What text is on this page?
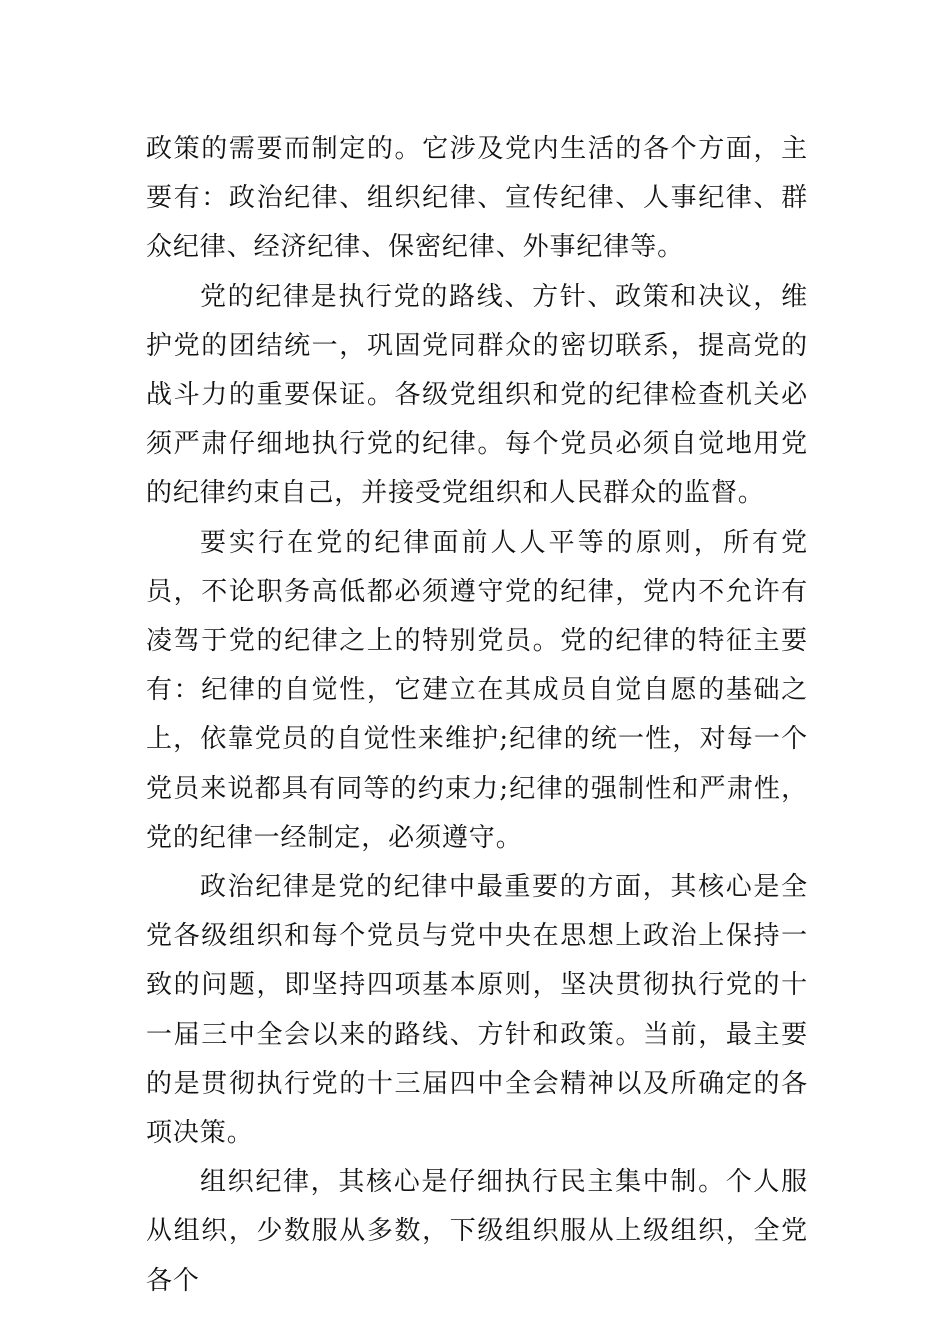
政策的需要而制定的。它涉及党内生活的各个方面，主要有：政治纪律、组织纪律、宣传纪律、人事纪律、群众纪律、经济纪律、保密纪律、外事纪律等。

党的纪律是执行党的路线、方针、政策和决议，维护党的团结统一，巩固党同群众的密切联系，提高党的战斗力的重要保证。各级党组织和党的纪律检查机关必须严肃仔细地执行党的纪律。每个党员必须自觉地用党的纪律约束自己，并接受党组织和人民群众的监督。

要实行在党的纪律面前人人平等的原则，所有党员，不论职务高低都必须遵守党的纪律，党内不允许有凌驾于党的纪律之上的特别党员。党的纪律的特征主要有：纪律的自觉性，它建立在其成员自觉自愿的基础之上，依靠党员的自觉性来维护;纪律的统一性，对每一个党员来说都具有同等的约束力;纪律的强制性和严肃性，党的纪律一经制定，必须遵守。

政治纪律是党的纪律中最重要的方面，其核心是全党各级组织和每个党员与党中央在思想上政治上保持一致的问题，即坚持四项基本原则，坚决贯彻执行党的十一届三中全会以来的路线、方针和政策。当前，最主要的是贯彻执行党的十三届四中全会精神以及所确定的各项决策。

组织纪律，其核心是仔细执行民主集中制。个人服从组织，少数服从多数，下级组织服从上级组织，全党各个
